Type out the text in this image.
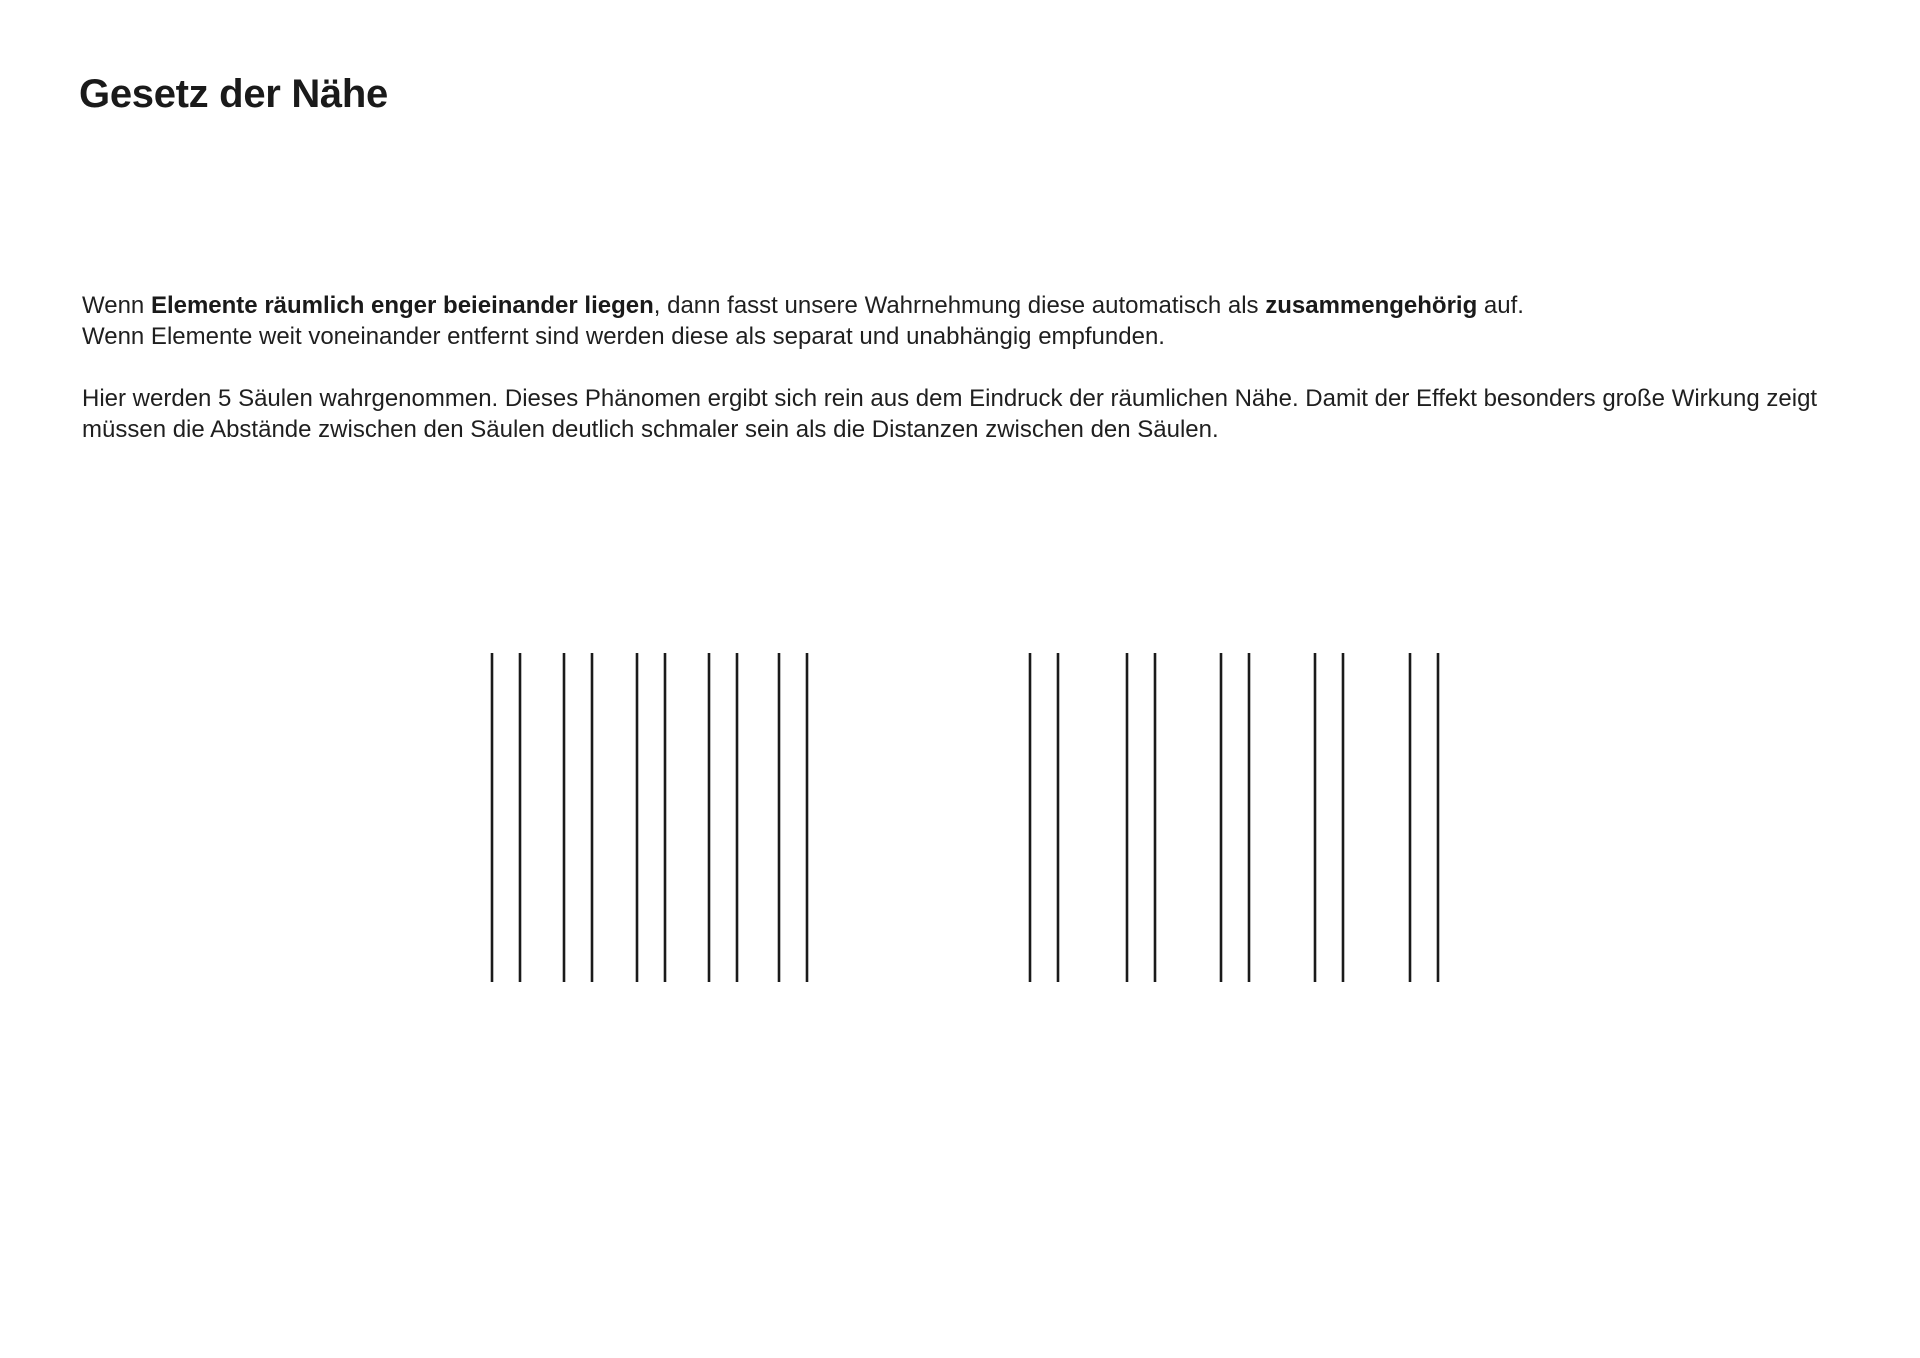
Gesetz der Nähe

Wenn Elemente räumlich enger beieinander liegen, dann fasst unsere Wahrnehmung diese automatisch als zusammengehörig auf.
Wenn Elemente weit voneinander entfernt sind werden diese als separat und unabhängig empfunden.

Hier werden 5 Säulen wahrgenommen. Dieses Phänomen ergibt sich rein aus dem Eindruck der räumlichen Nähe. Damit der Effekt besonders große Wirkung zeigt
müssen die Abstände zwischen den Säulen deutlich schmaler sein als die Distanzen zwischen den Säulen.
